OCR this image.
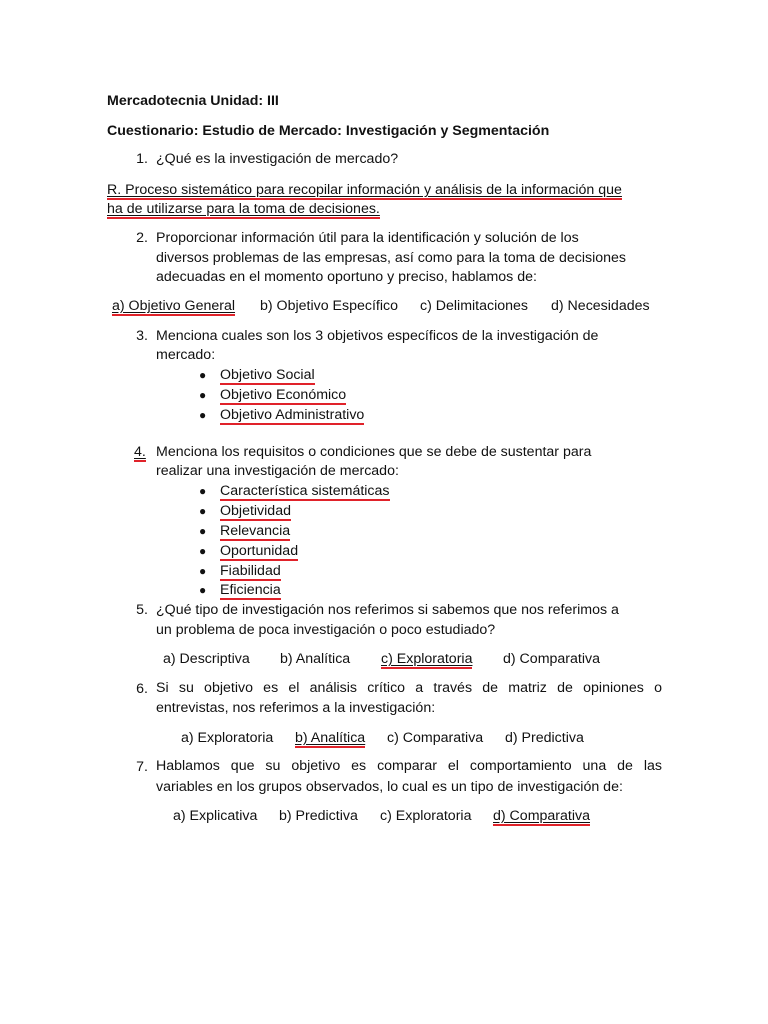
Mercadotecnia Unidad: III
Cuestionario: Estudio de Mercado: Investigación y Segmentación
1. ¿Qué es la investigación de mercado?
R. Proceso sistemático para recopilar información y análisis de la información que
ha de utilizarse para la toma de decisiones.
2. Proporcionar información útil para la identificación y solución de los
diversos problemas de las empresas, así como para la toma de decisiones
adecuadas en el momento oportuno y preciso, hablamos de:
a) Objetivo General b) Objetivo Específico c) Delimitaciones d) Necesidades
3. Menciona cuales son los 3 objetivos específicos de la investigación de
mercado:
● Objetivo Social
● Objetivo Económico
● Objetivo Administrativo
4. Menciona los requisitos o condiciones que se debe de sustentar para
realizar una investigación de mercado:
● Característica sistemáticas
● Objetividad
● Relevancia
● Oportunidad
● Fiabilidad
● Eficiencia
5. ¿Qué tipo de investigación nos referimos si sabemos que nos referimos a
un problema de poca investigación o poco estudiado?
a) Descriptiva b) Analítica c) Exploratoria d) Comparativa
6. Si su objetivo es el análisis crítico a través de matriz de opiniones o
entrevistas, nos referimos a la investigación:
a) Exploratoria b) Analítica c) Comparativa d) Predictiva
7. Hablamos que su objetivo es comparar el comportamiento una de las
variables en los grupos observados, lo cual es un tipo de investigación de:
a) Explicativa b) Predictiva c) Exploratoria d) Comparativa
